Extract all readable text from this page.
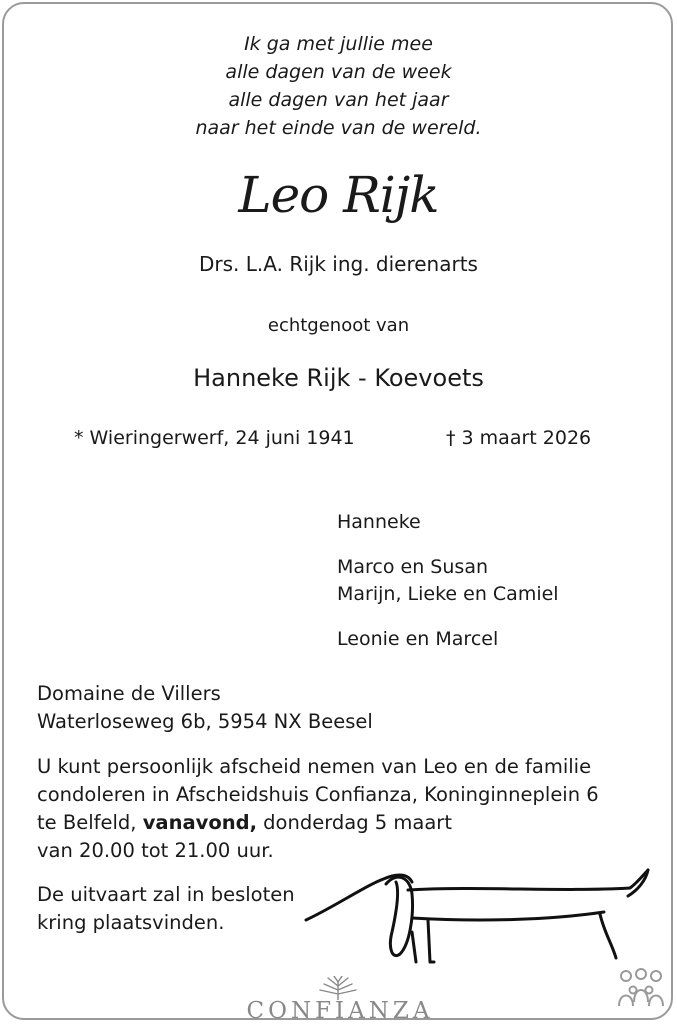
Ik ga met jullie mee
alle dagen van de week
alle dagen van het jaar
naar het einde van de wereld.
Leo Rijk
Drs. L.A. Rijk ing. dierenarts
echtgenoot van
Hanneke Rijk - Koevoets
* Wieringerwerf, 24 juni 1941	† 3 maart 2026
Hanneke
Marco en Susan
Marijn, Lieke en Camiel
Leonie en Marcel
Domaine de Villers
Waterloseweg 6b, 5954 NX Beesel
U kunt persoonlijk afscheid nemen van Leo en de familie
condoleren in Afscheidshuis Confianza, Koninginneplein 6
te Belfeld, vanavond, donderdag 5 maart
van 20.00 tot 21.00 uur.
De uitvaart zal in besloten
kring plaatsvinden.
CONFIANZA
